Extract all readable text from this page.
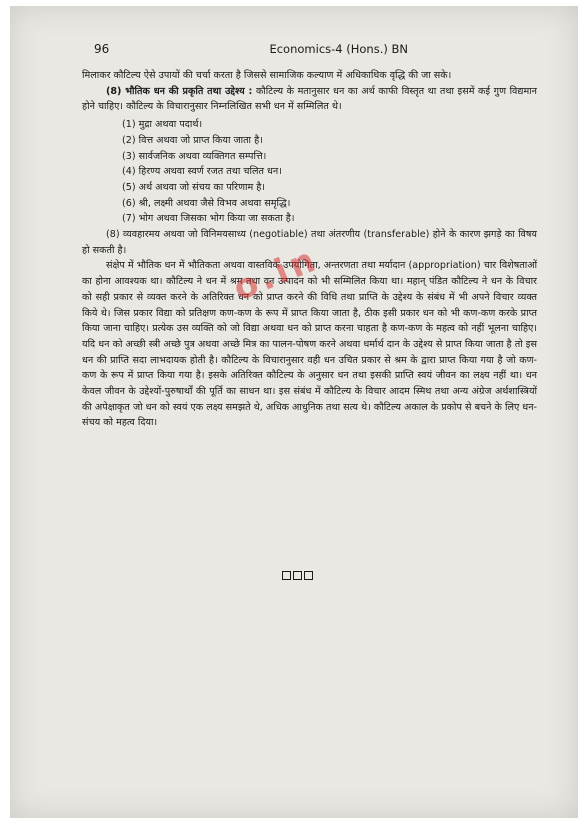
96	Economics-4 (Hons.) BN

मिलाकर कौटिल्य ऐसे उपायों की चर्चा करता है जिससे सामाजिक कल्याण में अधिकाधिक वृद्धि की जा सके।

(8) भौतिक धन की प्रकृति तथा उद्देश्य : कौटिल्य के मतानुसार धन का अर्थ काफी विस्तृत था तथा इसमें कई गुण विद्यमान होने चाहिए। कौटिल्य के विचारानुसार निम्नलिखित सभी धन में सम्मिलित थे।

(1) मुद्रा अथवा पदार्थ।
(2) वित्त अथवा जो प्राप्त किया जाता है।
(3) सार्वजनिक अथवा व्यक्तिगत सम्पत्ति।
(4) हिरण्य अथवा स्वर्ण रजत तथा चलित धन।
(5) अर्थ अथवा जो संचय का परिणाम है।
(6) श्री, लक्ष्मी अथवा जैसे विभव अथवा समृद्धि।
(7) भोग अथवा जिसका भोग किया जा सकता है।

(8) व्यवहारमय अथवा जो विनिमयसाध्य (negotiable) तथा अंतरणीय (transferable) होने के कारण झगड़े का विषय हो सकती है।

संक्षेप में भौतिक धन में भौतिकता अथवा वास्तविक उपयोगिता, अन्तरणता तथा मर्यादान (appropriation) चार विशेषताओं का होना आवश्यक था। कौटिल्य ने धन में श्रम तथा वन उत्पादन को भी सम्मिलित किया था। महान् पंडित कौटिल्य ने धन के विचार को सही प्रकार से व्यक्त करने के अतिरिक्त धन को प्राप्त करने की विधि तथा प्राप्ति के उद्देश्य के संबंध में भी अपने विचार व्यक्त किये थे। जिस प्रकार विद्या को प्रतिक्षण कण-कण के रूप में प्राप्त किया जाता है, ठीक इसी प्रकार धन को भी कण-कण करके प्राप्त किया जाना चाहिए। प्रत्येक उस व्यक्ति को जो विद्या अथवा धन को प्राप्त करना चाहता है कण-कण के महत्व को नहीं भूलना चाहिए। यदि धन को अच्छी स्त्री अच्छे पुत्र अथवा अच्छे मित्र का पालन-पोषण करने अथवा धर्मार्थ दान के उद्देश्य से प्राप्त किया जाता है तो इस धन की प्राप्ति सदा लाभदायक होती है। कौटिल्य के विचारानुसार वही धन उचित प्रकार से श्रम के द्वारा प्राप्त किया गया है जो कण-कण के रूप में प्राप्त किया गया है। इसके अतिरिक्त कौटिल्य के अनुसार धन तथा इसकी प्राप्ति स्वयं जीवन का लक्ष्य नहीं था। धन केवल जीवन के उद्देश्यों-पुरुषार्थों की पूर्ति का साधन था। इस संबंध में कौटिल्य के विचार आदम स्मिथ तथा अन्य अंग्रेज अर्थशास्त्रियों की अपेक्षाकृत जो धन को स्वयं एक लक्ष्य समझते थे, अधिक आधुनिक तथा सत्य थे। कौटिल्य अकाल के प्रकोप से बचने के लिए धन-संचय को महत्व दिया।

o.in
